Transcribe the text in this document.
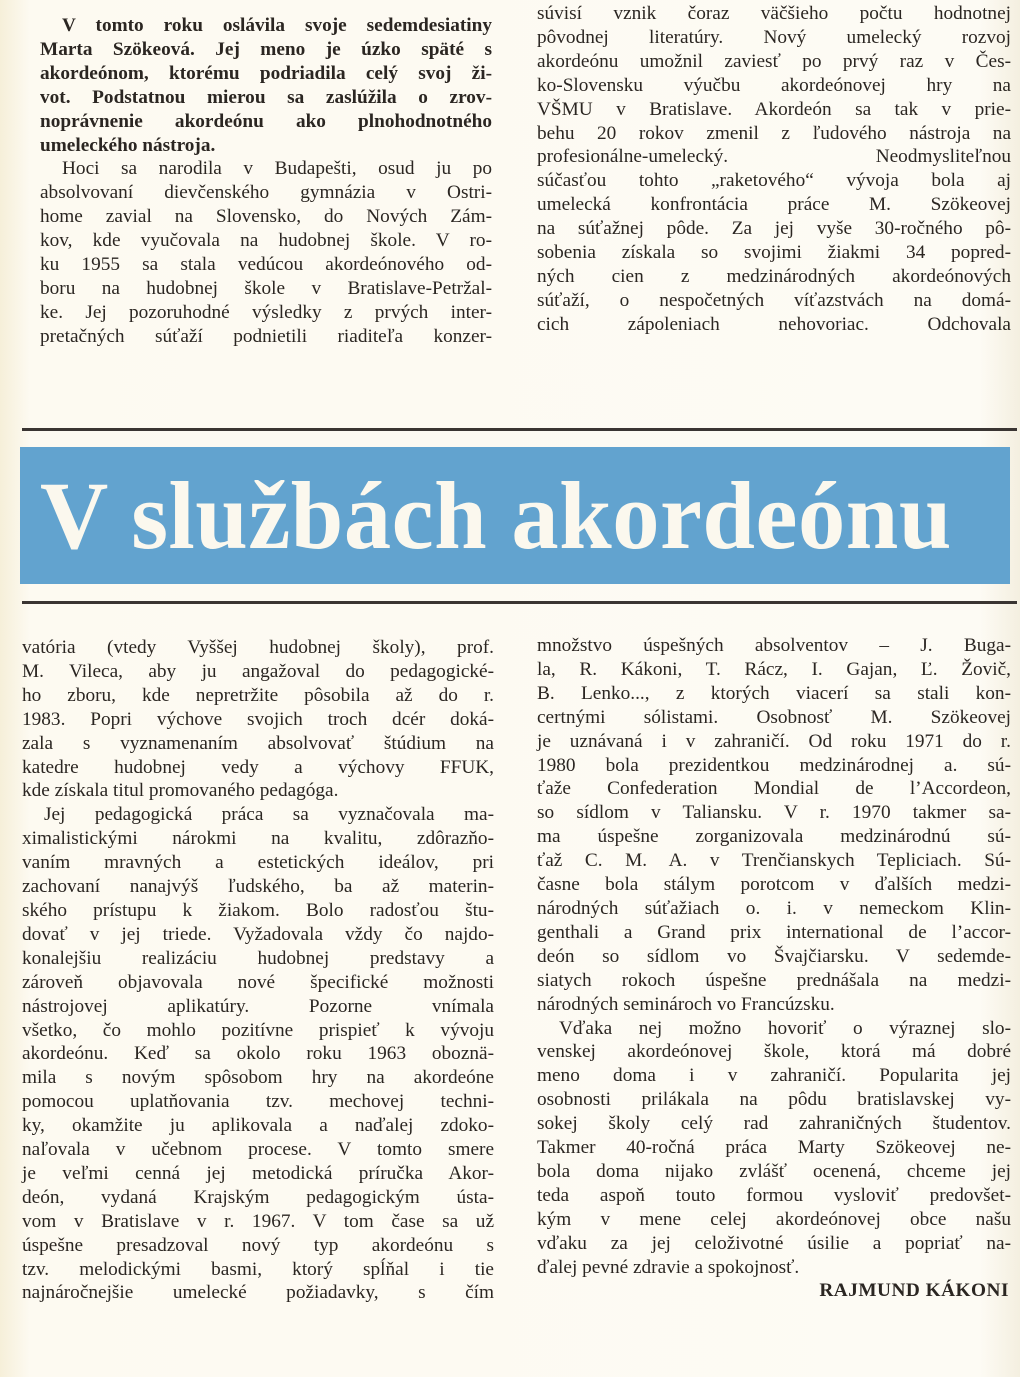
V tomto roku oslávila svoje sedemdesiatiny
Marta Szökeová. Jej meno je úzko späté s
akordeónom, ktorému podriadila celý svoj ži-
vot. Podstatnou mierou sa zaslúžila o zrov-
noprávnenie akordeónu ako plnohodnotného
umeleckého nástroja.

Hoci sa narodila v Budapešti, osud ju po
absolvovaní dievčenského gymnázia v Ostri-
home zavial na Slovensko, do Nových Zám-
kov, kde vyučovala na hudobnej škole. V ro-
ku 1955 sa stala vedúcou akordeónového od-
boru na hudobnej škole v Bratislave-Petržal-
ke. Jej pozoruhodné výsledky z prvých inter-
pretačných súťaží podnietili riaditeľa konzer-

súvisí vznik čoraz väčšieho počtu hodnotnej
pôvodnej literatúry. Nový umelecký rozvoj
akordeónu umožnil zaviesť po prvý raz v Čes-
ko-Slovensku výučbu akordeónovej hry na
VŠMU v Bratislave. Akordeón sa tak v prie-
behu 20 rokov zmenil z ľudového nástroja na
profesionálne-umelecký. Neodmysliteľnou
súčasťou tohto „raketového“ vývoja bola aj
umelecká konfrontácia práce M. Szökeovej
na súťažnej pôde. Za jej vyše 30-ročného pô-
sobenia získala so svojimi žiakmi 34 popred-
ných cien z medzinárodných akordeónových
súťaží, o nespočetných víťazstvách na domá-
cich zápoleniach nehovoriac. Odchovala

V službách akordeónu

vatória (vtedy Vyššej hudobnej školy), prof.
M. Vileca, aby ju angažoval do pedagogické-
ho zboru, kde nepretržite pôsobila až do r.
1983. Popri výchove svojich troch dcér doká-
zala s vyznamenaním absolvovať štúdium na
katedre hudobnej vedy a výchovy FFUK,
kde získala titul promovaného pedagóga.

Jej pedagogická práca sa vyznačovala ma-
ximalistickými nárokmi na kvalitu, zdôrazňo-
vaním mravných a estetických ideálov, pri
zachovaní nanajvýš ľudského, ba až materin-
ského prístupu k žiakom. Bolo radosťou štu-
dovať v jej triede. Vyžadovala vždy čo najdo-
konalejšiu realizáciu hudobnej predstavy a
zároveň objavovala nové špecifické možnosti
nástrojovej aplikatúry. Pozorne vnímala
všetko, čo mohlo pozitívne prispieť k vývoju
akordeónu. Keď sa okolo roku 1963 oboznä-
mila s novým spôsobom hry na akordeóne
pomocou uplatňovania tzv. mechovej techni-
ky, okamžite ju aplikovala a naďalej zdoko-
naľovala v učebnom procese. V tomto smere
je veľmi cenná jej metodická príručka Akor-
deón, vydaná Krajským pedagogickým ústa-
vom v Bratislave v r. 1967. V tom čase sa už
úspešne presadzoval nový typ akordeónu s
tzv. melodickými basmi, ktorý spĺňal i tie
najnáročnejšie umelecké požiadavky, s čím

množstvo úspešných absolventov – J. Buga-
la, R. Kákoni, T. Rácz, I. Gajan, Ľ. Žovič,
B. Lenko..., z ktorých viacerí sa stali kon-
certnými sólistami. Osobnosť M. Szökeovej
je uznávaná i v zahraničí. Od roku 1971 do r.
1980 bola prezidentkou medzinárodnej a. sú-
ťaže Confederation Mondial de l’Accordeon,
so sídlom v Taliansku. V r. 1970 takmer sa-
ma úspešne zorganizovala medzinárodnú sú-
ťaž C. M. A. v Trenčianskych Tepliciach. Sú-
časne bola stálym porotcom v ďalších medzi-
národných súťažiach o. i. v nemeckom Klin-
genthali a Grand prix international de l’accor-
deón so sídlom vo Švajčiarsku. V sedemde-
siatych rokoch úspešne prednášala na medzi-
národných seminároch vo Francúzsku.

Vďaka nej možno hovoriť o výraznej slo-
venskej akordeónovej škole, ktorá má dobré
meno doma i v zahraničí. Popularita jej
osobnosti prilákala na pôdu bratislavskej vy-
sokej školy celý rad zahraničných študentov.
Takmer 40-ročná práca Marty Szökeovej ne-
bola doma nijako zvlášť ocenená, chceme jej
teda aspoň touto formou vysloviť predovšet-
kým v mene celej akordeónovej obce našu
vďaku za jej celoživotné úsilie a popriať na-
ďalej pevné zdravie a spokojnosť.

RAJMUND KÁKONI
